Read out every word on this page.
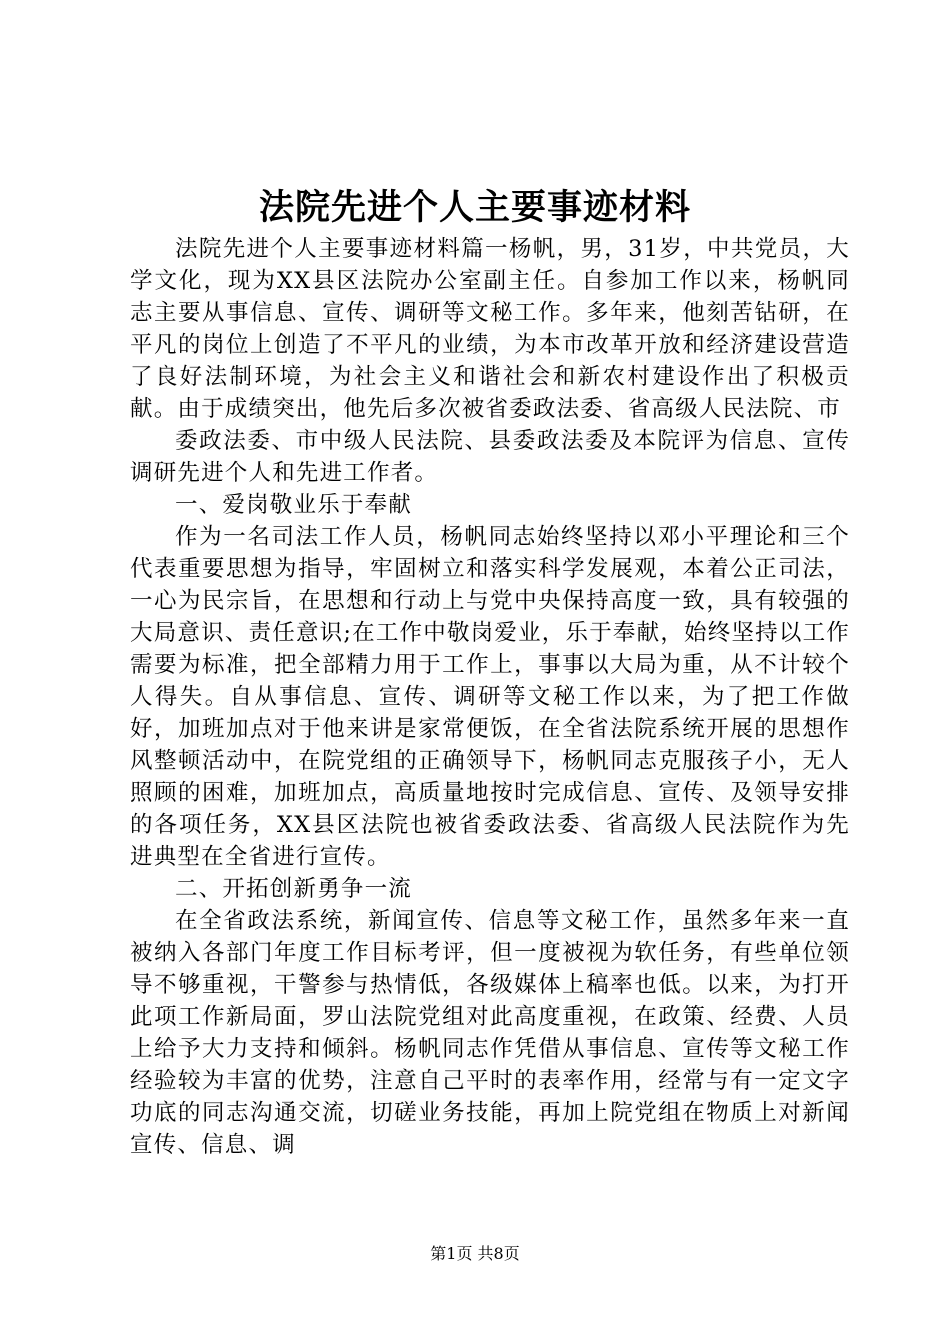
法院先进个人主要事迹材料

法院先进个人主要事迹材料篇一杨帆，男，31岁，中共党员，大学文化，现为XX县区法院办公室副主任。自参加工作以来，杨帆同志主要从事信息、宣传、调研等文秘工作。多年来，他刻苦钻研，在平凡的岗位上创造了不平凡的业绩，为本市改革开放和经济建设营造了良好法制环境，为社会主义和谐社会和新农村建设作出了积极贡献。由于成绩突出，他先后多次被省委政法委、省高级人民法院、市

委政法委、市中级人民法院、县委政法委及本院评为信息、宣传调研先进个人和先进工作者。

一、爱岗敬业乐于奉献

作为一名司法工作人员，杨帆同志始终坚持以邓小平理论和三个代表重要思想为指导，牢固树立和落实科学发展观，本着公正司法，一心为民宗旨，在思想和行动上与党中央保持高度一致，具有较强的大局意识、责任意识;在工作中敬岗爱业，乐于奉献，始终坚持以工作需要为标准，把全部精力用于工作上，事事以大局为重，从不计较个人得失。自从事信息、宣传、调研等文秘工作以来，为了把工作做好，加班加点对于他来讲是家常便饭，在全省法院系统开展的思想作风整顿活动中，在院党组的正确领导下，杨帆同志克服孩子小，无人照顾的困难，加班加点，高质量地按时完成信息、宣传、及领导安排的各项任务，XX县区法院也被省委政法委、省高级人民法院作为先进典型在全省进行宣传。

二、开拓创新勇争一流

在全省政法系统，新闻宣传、信息等文秘工作，虽然多年来一直被纳入各部门年度工作目标考评，但一度被视为软任务，有些单位领导不够重视，干警参与热情低，各级媒体上稿率也低。以来，为打开此项工作新局面，罗山法院党组对此高度重视，在政策、经费、人员上给予大力支持和倾斜。杨帆同志作凭借从事信息、宣传等文秘工作经验较为丰富的优势，注意自己平时的表率作用，经常与有一定文字功底的同志沟通交流，切磋业务技能，再加上院党组在物质上对新闻宣传、信息、调

第1页 共8页
